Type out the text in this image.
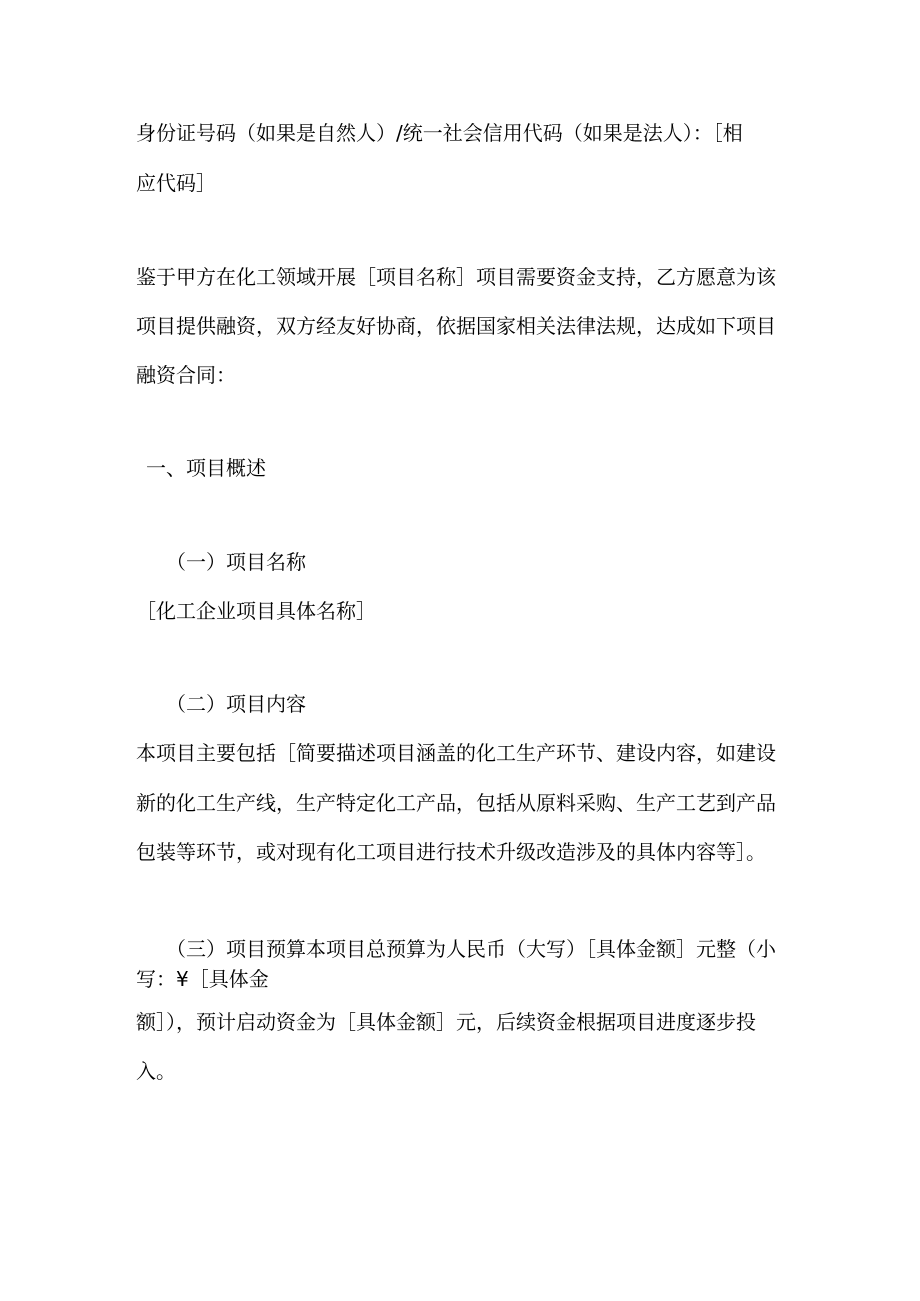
身份证号码（如果是自然人）/统一社会信用代码（如果是法人）：［相
应代码］
鉴于甲方在化工领域开展［项目名称］项目需要资金支持，乙方愿意为该
项目提供融资，双方经友好协商，依据国家相关法律法规，达成如下项目
融资合同：
一、项目概述
（一）项目名称
［化工企业项目具体名称］
（二）项目内容
本项目主要包括［简要描述项目涵盖的化工生产环节、建设内容，如建设
新的化工生产线，生产特定化工产品，包括从原料采购、生产工艺到产品
包装等环节，或对现有化工项目进行技术升级改造涉及的具体内容等］。
（三）项目预算本项目总预算为人民币（大写）［具体金额］元整（小
写：¥［具体金
额］），预计启动资金为［具体金额］元，后续资金根据项目进度逐步投
入。
